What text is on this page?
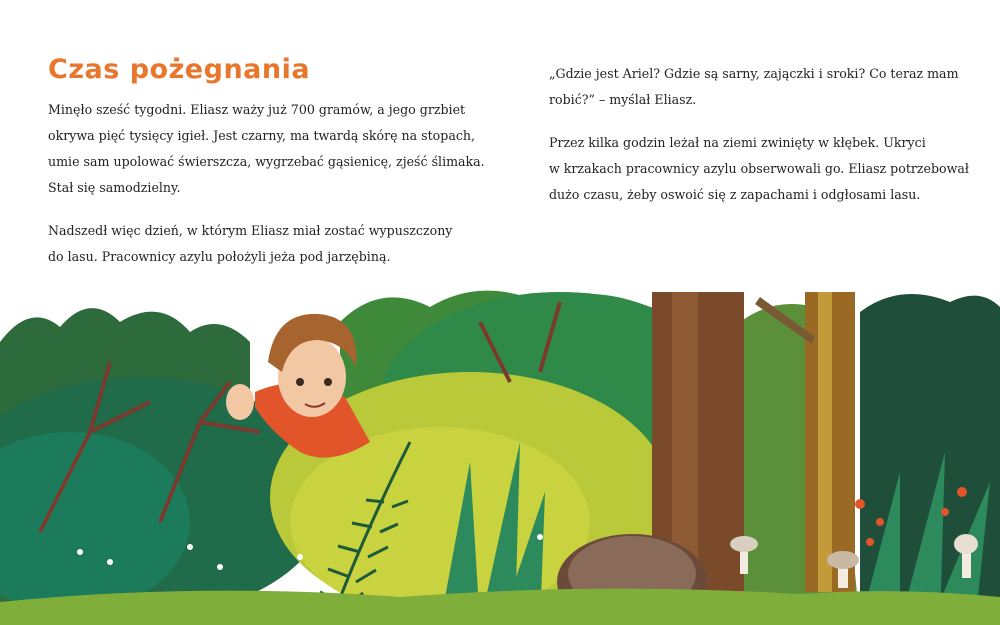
Czas pożegnania

Minęło sześć tygodni. Eliasz waży już 700 gramów, a jego grzbiet
okrywa pięć tysięcy igieł. Jest czarny, ma twardą skórę na stopach,
umie sam upolować świerszcza, wygrzebać gąsienicę, zjeść ślimaka.
Stał się samodzielny.

Nadszedł więc dzień, w którym Eliasz miał zostać wypuszczony
do lasu. Pracownicy azylu położyli jeża pod jarzębiną.

„Gdzie jest Ariel? Gdzie są sarny, zajączki i sroki? Co teraz mam
robić?” – myślał Eliasz.

Przez kilka godzin leżał na ziemi zwinięty w kłębek. Ukryci
w krzakach pracownicy azylu obserwowali go. Eliasz potrzebował
dużo czasu, żeby oswoić się z zapachami i odgłosami lasu.
